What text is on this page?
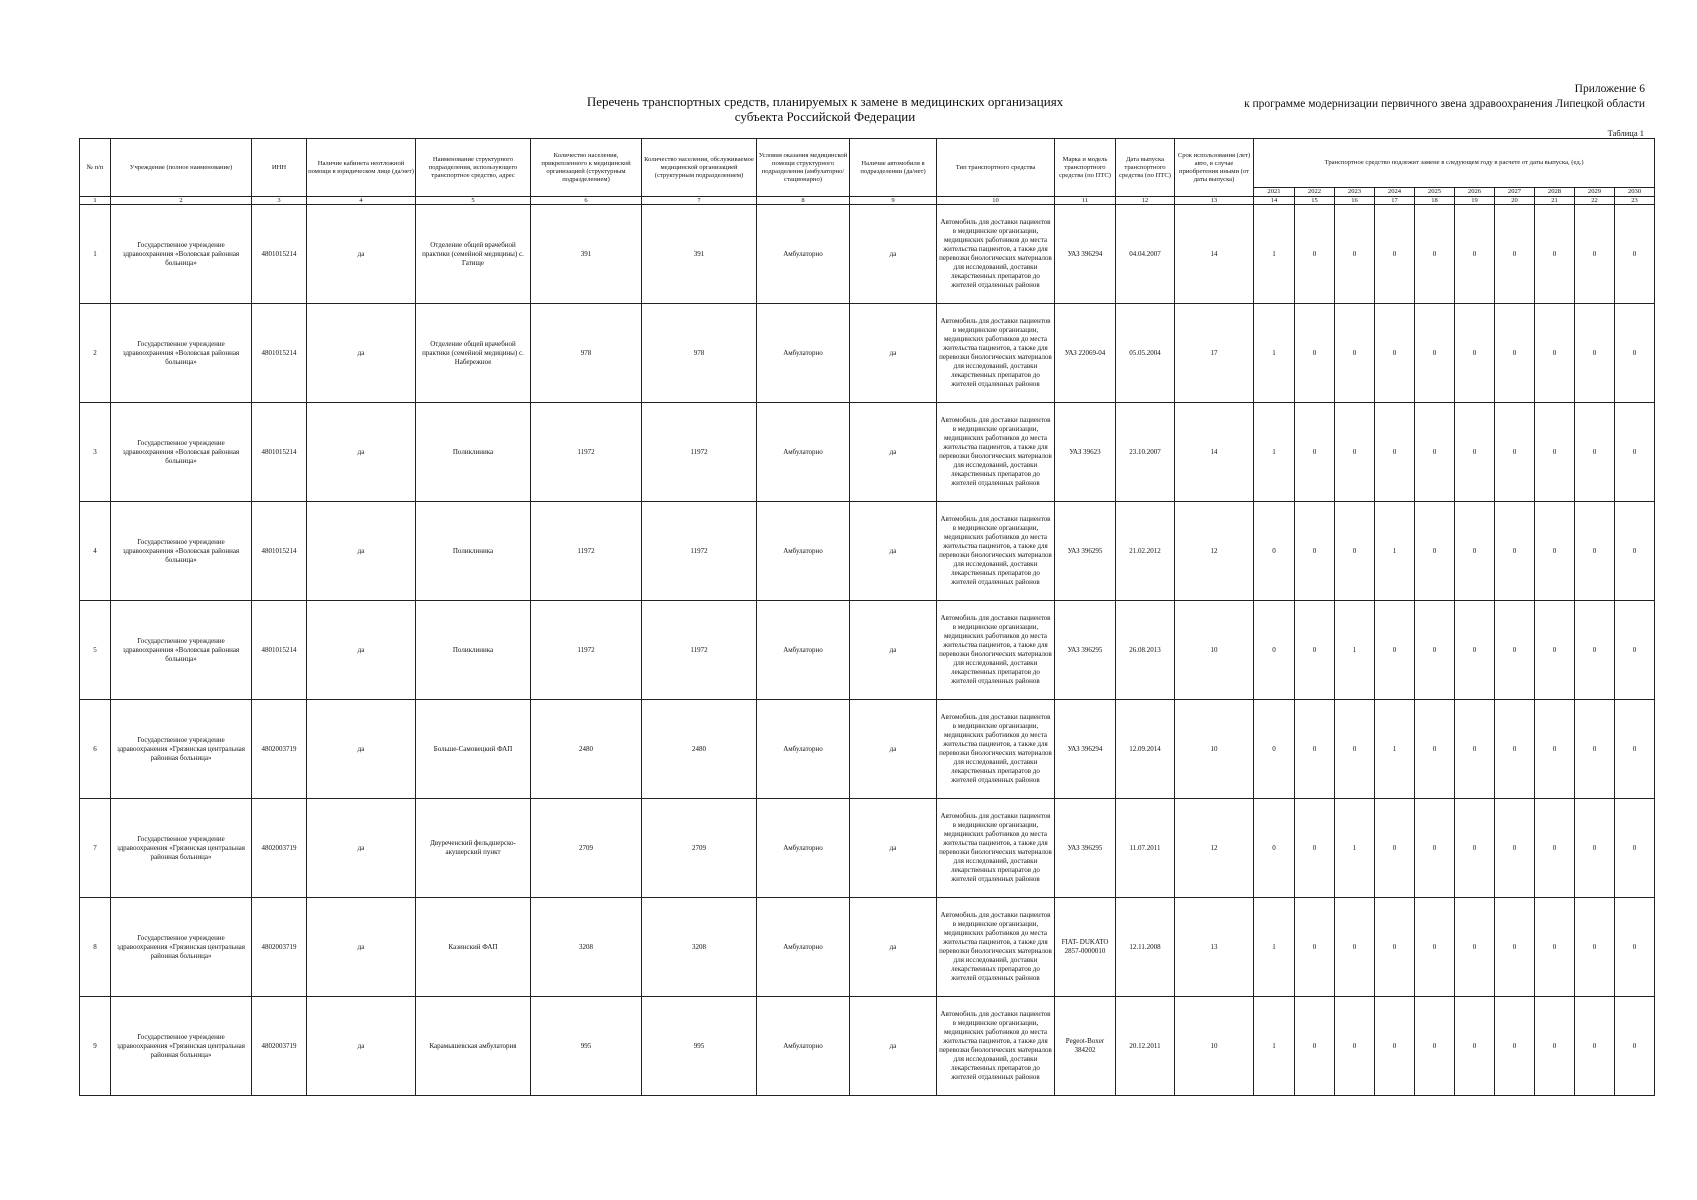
Приложение 6
к программе модернизации первичного звена здравоохранения Липецкой области
Перечень транспортных средств, планируемых к замене в медицинских организациях
субъекта Российской Федерации
Таблица 1
№ п/п	Учреждение (полное наименование)	ИНН	Наличие кабинета неотложной помощи в юридическом лице (да/нет)	Наименование структурного подразделения, использующего транспортное средство, адрес	Количество населения, прикрепленного к медицинской организацией (структурным подразделением)	Количество населения, обслуживаемое медицинской организацией (структурным подразделением)	Условия оказания медицинской помощи структурного подразделения (амбулаторно/ стационарно)	Наличие автомобиля в подразделении (да/нет)	Тип транспортного средства	Марка и модель транспортного средства (по ПТС)	Дата выпуска транспортного средства (по ПТС)	Срок использования (лет) авто, в случае приобретения иными (от даты выпуска)	Транспортное средство подлежит замене в следующем году в расчете от даты выпуска, (ед.)									
													2021	2022	2023	2024	2025	2026	2027	2028	2029	2030
1	2	3	4	5	6	7	8	9	10	11	12	13	14	15	16	17	18	19	20	21	22	23
1	Государственное учреждение здравоохранения «Воловская районная больница»	4801015214	да	Отделение общей врачебной практики (семейной медицины) с. Гатище	391	391	Амбулаторно	да	Автомобиль для доставки пациентов в медицинские организации, медицинских работников до места жительства пациентов, а также для перевозки биологических материалов для исследований, доставки лекарственных препаратов до жителей отдаленных районов	УАЗ 396294	04.04.2007	14	1	0	0	0	0	0	0	0	0	0
2	Государственное учреждение здравоохранения «Воловская районная больница»	4801015214	да	Отделение общей врачебной практики (семейной медицины) с. Набережное	978	978	Амбулаторно	да	Автомобиль для доставки пациентов в медицинские организации, медицинских работников до места жительства пациентов, а также для перевозки биологических материалов для исследований, доставки лекарственных препаратов до жителей отдаленных районов	УАЗ 22069-04	05.05.2004	17	1	0	0	0	0	0	0	0	0	0
3	Государственное учреждение здравоохранения «Воловская районная больница»	4801015214	да	Поликлиника	11972	11972	Амбулаторно	да	Автомобиль для доставки пациентов в медицинские организации, медицинских работников до места жительства пациентов, а также для перевозки биологических материалов для исследований, доставки лекарственных препаратов до жителей отдаленных районов	УАЗ 39623	23.10.2007	14	1	0	0	0	0	0	0	0	0	0
4	Государственное учреждение здравоохранения «Воловская районная больница»	4801015214	да	Поликлиника	11972	11972	Амбулаторно	да	Автомобиль для доставки пациентов в медицинские организации, медицинских работников до места жительства пациентов, а также для перевозки биологических материалов для исследований, доставки лекарственных препаратов до жителей отдаленных районов	УАЗ 396295	21.02.2012	12	0	0	0	1	0	0	0	0	0	0
5	Государственное учреждение здравоохранения «Воловская районная больница»	4801015214	да	Поликлиника	11972	11972	Амбулаторно	да	Автомобиль для доставки пациентов в медицинские организации, медицинских работников до места жительства пациентов, а также для перевозки биологических материалов для исследований, доставки лекарственных препаратов до жителей отдаленных районов	УАЗ 396295	26.08.2013	10	0	0	1	0	0	0	0	0	0	0
6	Государственное учреждение здравоохранения «Грязинская центральная районная больница»	4802003719	да	Больше-Самовецкий ФАП	2480	2480	Амбулаторно	да	Автомобиль для доставки пациентов в медицинские организации, медицинских работников до места жительства пациентов, а также для перевозки биологических материалов для исследований, доставки лекарственных препаратов до жителей отдаленных районов	УАЗ 396294	12.09.2014	10	0	0	0	1	0	0	0	0	0	0
7	Государственное учреждение здравоохранения «Грязинская центральная районная больница»	4802003719	да	Двуреченский фельдшерско-акушерский пункт	2709	2709	Амбулаторно	да	Автомобиль для доставки пациентов в медицинские организации, медицинских работников до места жительства пациентов, а также для перевозки биологических материалов для исследований, доставки лекарственных препаратов до жителей отдаленных районов	УАЗ 396295	11.07.2011	12	0	0	1	0	0	0	0	0	0	0
8	Государственное учреждение здравоохранения «Грязинская центральная районная больница»	4802003719	да	Казинский ФАП	3208	3208	Амбулаторно	да	Автомобиль для доставки пациентов в медицинские организации, медицинских работников до места жительства пациентов, а также для перевозки биологических материалов для исследований, доставки лекарственных препаратов до жителей отдаленных районов	FIAT- DUKATO 2857-0000010	12.11.2008	13	1	0	0	0	0	0	0	0	0	0
9	Государственное учреждение здравоохранения «Грязинская центральная районная больница»	4802003719	да	Карамышевская амбулатория	995	995	Амбулаторно	да	Автомобиль для доставки пациентов в медицинские организации, медицинских работников до места жительства пациентов, а также для перевозки биологических материалов для исследований, доставки лекарственных препаратов до жителей отдаленных районов	Pegeot-Boxer 384202	20.12.2011	10	1	0	0	0	0	0	0	0	0	0
